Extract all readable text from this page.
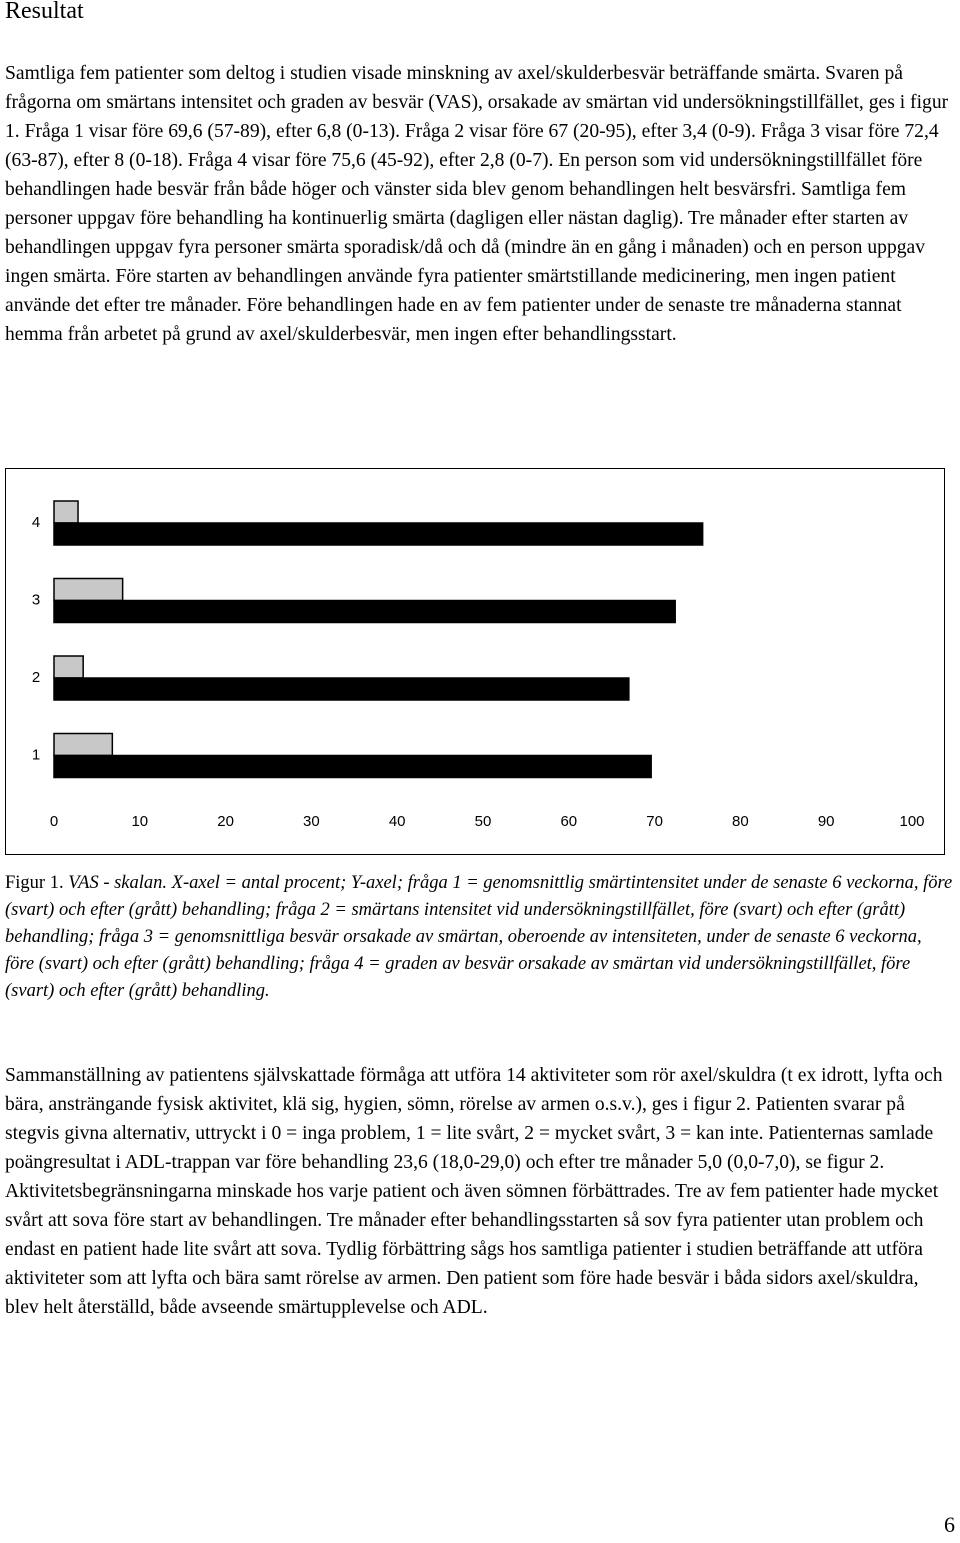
Resultat

Samtliga fem patienter som deltog i studien visade minskning av axel/skulderbesvär beträffande smärta. Svaren på frågorna om smärtans intensitet och graden av besvär (VAS), orsakade av smärtan vid undersökningstillfället, ges i figur 1. Fråga 1 visar före 69,6 (57-89), efter 6,8 (0-13). Fråga 2 visar före 67 (20-95), efter 3,4 (0-9). Fråga 3 visar före 72,4 (63-87), efter 8 (0-18). Fråga 4 visar före 75,6 (45-92), efter 2,8 (0-7). En person som vid undersökningstillfället före behandlingen hade besvär från både höger och vänster sida blev genom behandlingen helt besvärsfri. Samtliga fem personer uppgav före behandling ha kontinuerlig smärta (dagligen eller nästan daglig). Tre månader efter starten av behandlingen uppgav fyra personer smärta sporadisk/då och då (mindre än en gång i månaden) och en person uppgav ingen smärta. Före starten av behandlingen använde fyra patienter smärtstillande medicinering, men ingen patient använde det efter tre månader. Före behandlingen hade en av fem patienter under de senaste tre månaderna stannat hemma från arbetet på grund av axel/skulderbesvär, men ingen efter behandlingsstart.

4
3
2
1
0	10	20	30	40	50	60	70	80	90	100

Figur 1. VAS - skalan. X-axel = antal procent; Y-axel; fråga 1 = genomsnittlig smärtintensitet under de senaste 6 veckorna, före (svart) och efter (grått) behandling; fråga 2 = smärtans intensitet vid undersökningstillfället, före (svart) och efter (grått) behandling; fråga 3 = genomsnittliga besvär orsakade av smärtan, oberoende av intensiteten, under de senaste 6 veckorna, före (svart) och efter (grått) behandling; fråga 4 = graden av besvär orsakade av smärtan vid undersökningstillfället, före (svart) och efter (grått) behandling.

Sammanställning av patientens självskattade förmåga att utföra 14 aktiviteter som rör axel/skuldra (t ex idrott, lyfta och bära, ansträngande fysisk aktivitet, klä sig, hygien, sömn, rörelse av armen o.s.v.), ges i figur 2. Patienten svarar på stegvis givna alternativ, uttryckt i 0 = inga problem, 1 = lite svårt, 2 = mycket svårt, 3 = kan inte. Patienternas samlade poängresultat i ADL-trappan var före behandling 23,6 (18,0-29,0) och efter tre månader 5,0 (0,0-7,0), se figur 2. Aktivitetsbegränsningarna minskade hos varje patient och även sömnen förbättrades. Tre av fem patienter hade mycket svårt att sova före start av behandlingen. Tre månader efter behandlingsstarten så sov fyra patienter utan problem och endast en patient hade lite svårt att sova. Tydlig förbättring sågs hos samtliga patienter i studien beträffande att utföra aktiviteter som att lyfta och bära samt rörelse av armen. Den patient som före hade besvär i båda sidors axel/skuldra, blev helt återställd, både avseende smärtupplevelse och ADL.

6
